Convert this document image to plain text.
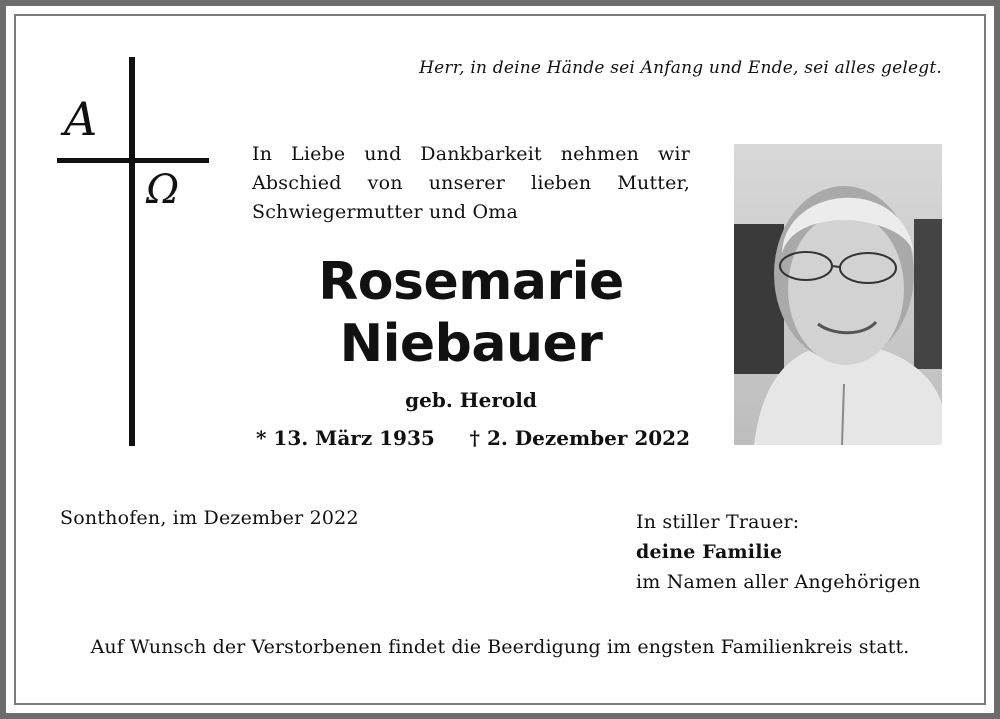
Herr, in deine Hände sei Anfang und Ende, sei alles gelegt.
A
Ω
In Liebe und Dankbarkeit nehmen wir
Abschied von unserer lieben Mutter,
Schwiegermutter und Oma
Rosemarie
Niebauer
geb. Herold
* 13. März 1935 † 2. Dezember 2022
Sonthofen, im Dezember 2022	In stiller Trauer:
deine Familie
im Namen aller Angehörigen
Auf Wunsch der Verstorbenen findet die Beerdigung im engsten Familienkreis statt.
